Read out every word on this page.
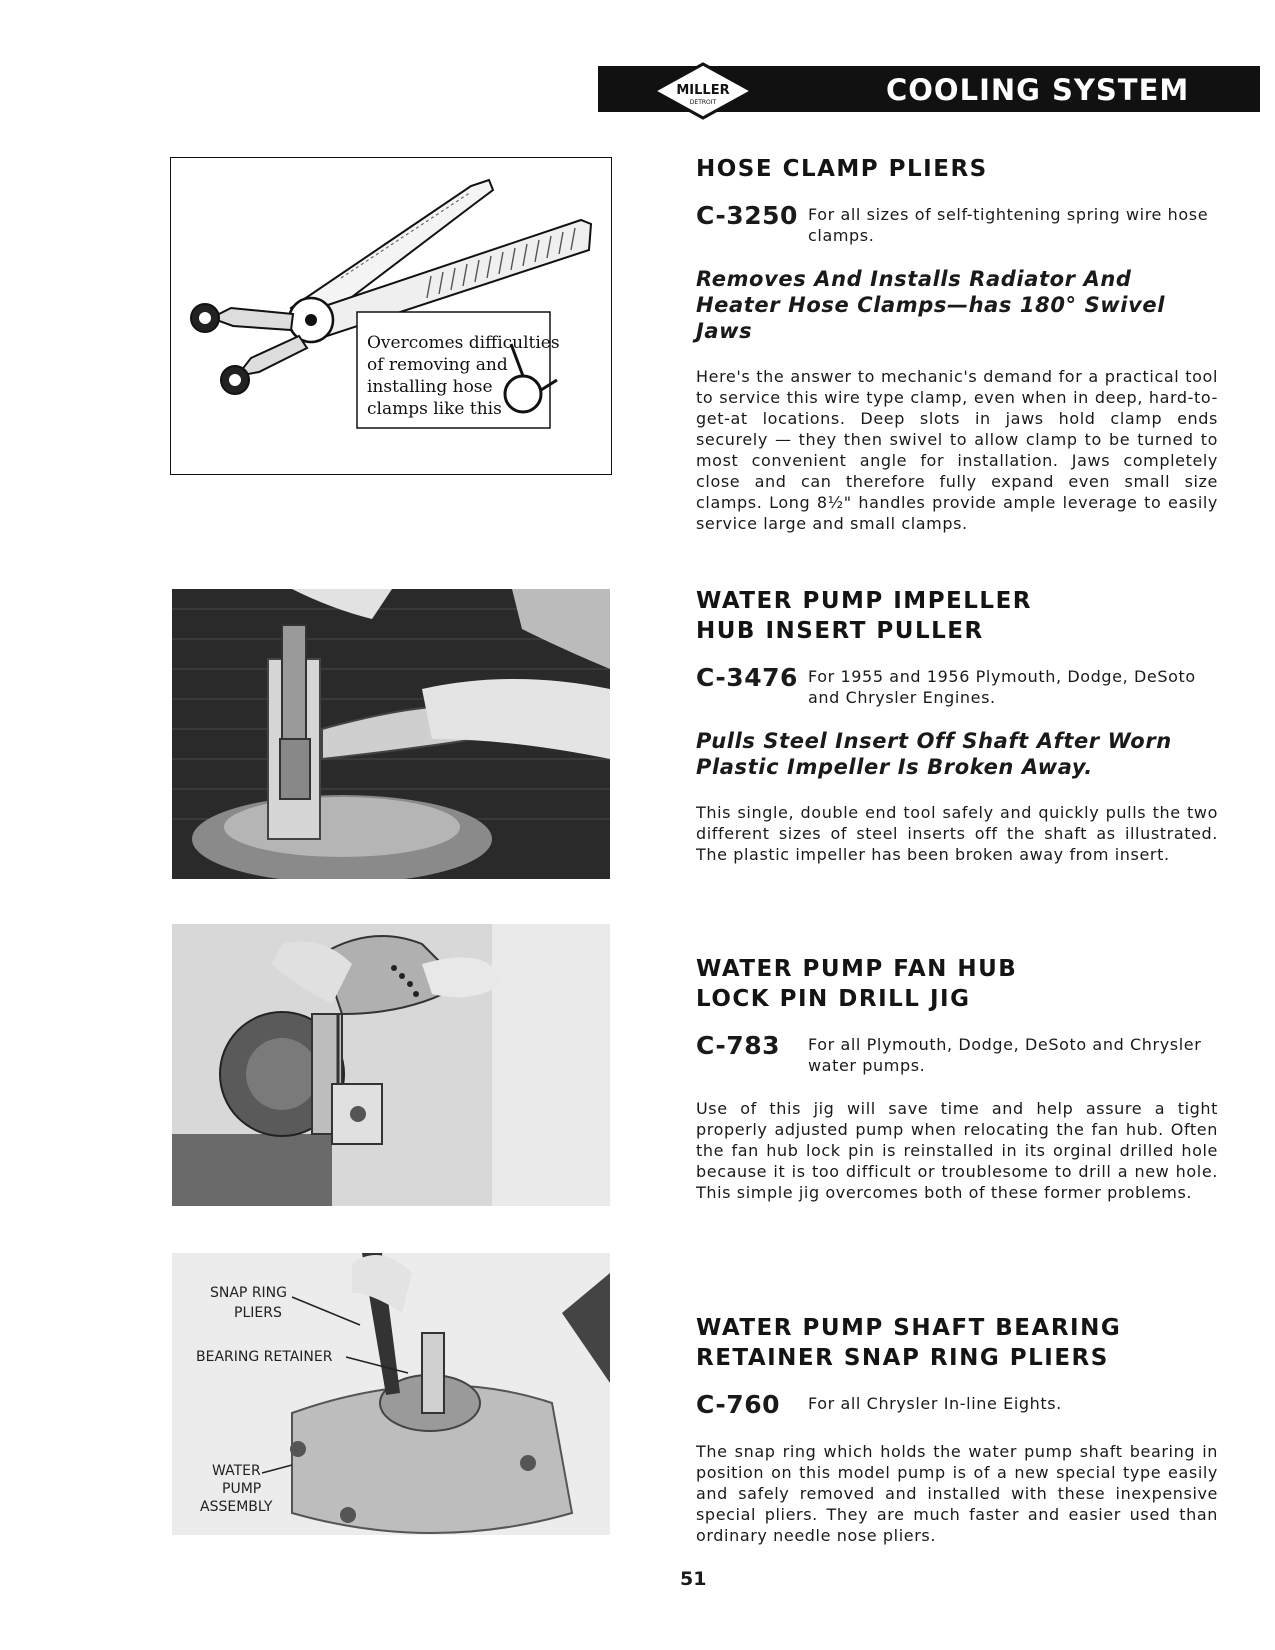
MILLER
DETROIT	COOLING SYSTEM
Overcomes difficulties
of removing and
installing hose
clamps like this
SNAP RING
PLIERS
BEARING RETAINER
WATER
PUMP
ASSEMBLY
HOSE CLAMP PLIERS
C-3250 For all sizes of self-tightening spring wire hose clamps.
Removes And Installs Radiator And Heater Hose Clamps—has 180° Swivel Jaws
Here's the answer to mechanic's demand for a practical tool to service this wire type clamp, even when in deep, hard-to-get-at locations. Deep slots in jaws hold clamp ends securely — they then swivel to allow clamp to be turned to most convenient angle for installation. Jaws completely close and can therefore fully expand even small size clamps. Long 8½" handles provide ample leverage to easily service large and small clamps.
WATER PUMP IMPELLER
HUB INSERT PULLER
C-3476 For 1955 and 1956 Plymouth, Dodge, DeSoto and Chrysler Engines.
Pulls Steel Insert Off Shaft After Worn Plastic Impeller Is Broken Away.
This single, double end tool safely and quickly pulls the two different sizes of steel inserts off the shaft as illustrated. The plastic impeller has been broken away from insert.
WATER PUMP FAN HUB
LOCK PIN DRILL JIG
C-783	For all Plymouth, Dodge, DeSoto and Chrysler water pumps.
Use of this jig will save time and help assure a tight properly adjusted pump when relocating the fan hub. Often the fan hub lock pin is reinstalled in its orginal drilled hole because it is too difficult or troublesome to drill a new hole. This simple jig overcomes both of these former problems.
WATER PUMP SHAFT BEARING
RETAINER SNAP RING PLIERS
C-760	For all Chrysler In-line Eights.
The snap ring which holds the water pump shaft bearing in position on this model pump is of a new special type easily and safely removed and installed with these inexpensive special pliers. They are much faster and easier used than ordinary needle nose pliers.
51
